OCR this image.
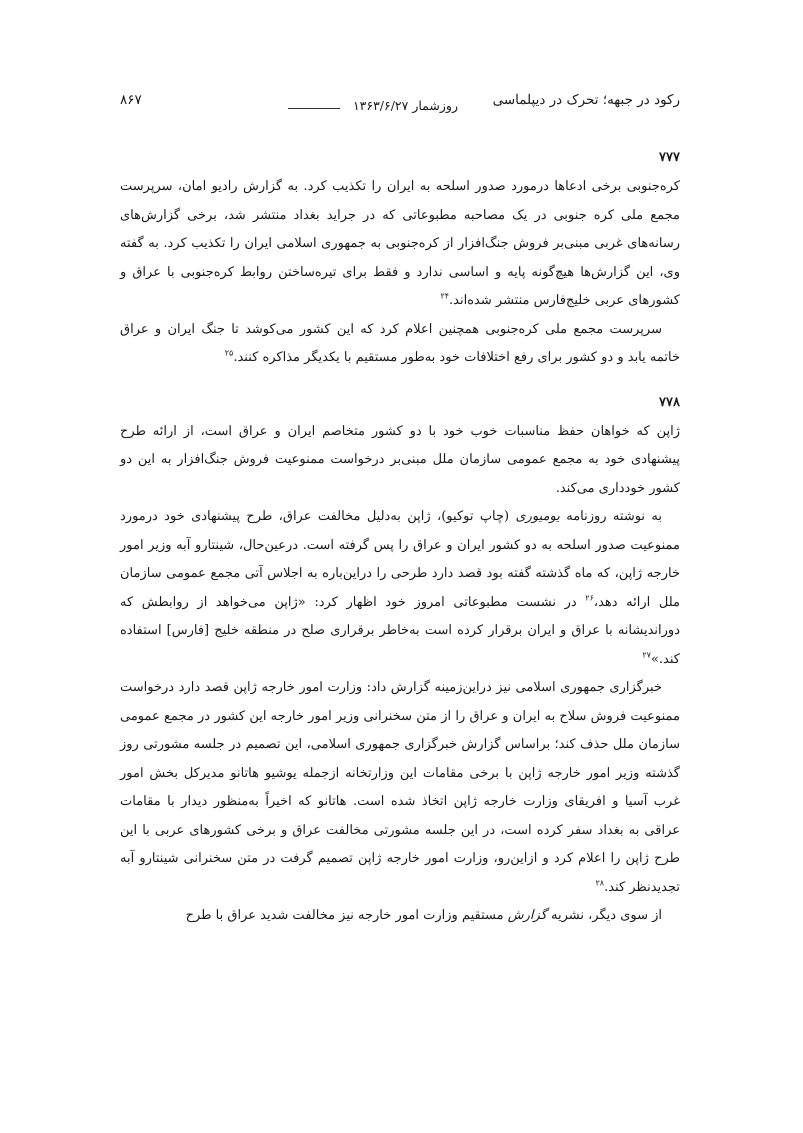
رکود در جبهه؛ تحرک در دیپلماسی
روزشمار ۱۳۶۳/۶/۲۷
۸۶۷

۷۷۷

کره‌جنوبی برخی ادعاها درمورد صدور اسلحه به ایران را تکذیب کرد. به گزارش رادیو امان، سرپرست مجمع ملی کره جنوبی در یک مصاحبه مطبوعاتی که در جراید بغداد منتشر شد، برخی گزارش‌های رسانه‌های غربی مبنی‌بر فروش جنگ‌افزار از کره‌جنوبی به جمهوری اسلامی ایران را تکذیب کرد. به گفته وی، این گزارش‌ها هیچ‌گونه پایه و اساسی ندارد و فقط برای تیره‌ساختن روابط کره‌جنوبی با عراق و کشورهای عربی خلیج‌فارس منتشر شده‌اند.$^{۲۴}$

سرپرست مجمع ملی کره‌جنوبی همچنین اعلام کرد که این کشور می‌کوشد تا جنگ ایران و عراق خاتمه یابد و دو کشور برای رفع اختلافات خود به‌طور مستقیم با یکدیگر مذاکره کنند.$^{۲۵}$

۷۷۸

ژاپن که خواهان حفظ مناسبات خوب خود با دو کشور متخاصم ایران و عراق است، از ارائه طرح پیشنهادی خود به مجمع عمومی سازمان ملل مبنی‌بر درخواست ممنوعیت فروش جنگ‌افزار به این دو کشور خودداری می‌کند.

به نوشته روزنامه یومیوری (چاپ توکیو)، ژاپن به‌دلیل مخالفت عراق، طرح پیشنهادی خود درمورد ممنوعیت صدور اسلحه به دو کشور ایران و عراق را پس گرفته است. درعین‌حال، شینتارو آبه وزیر امور خارجه ژاپن، که ماه گذشته گفته بود قصد دارد طرحی را دراین‌باره به اجلاس آتی مجمع عمومی سازمان ملل ارائه دهد،$^{۲۶}$ در نشست مطبوعاتی امروز خود اظهار کرد: «ژاپن می‌خواهد از روابطش که دوراندیشانه با عراق و ایران برقرار کرده است به‌خاطر برقراری صلح در منطقه خلیج [فارس] استفاده کند.»$^{۲۷}$

خبرگزاری جمهوری اسلامی نیز دراین‌زمینه گزارش داد: وزارت امور خارجه ژاپن قصد دارد درخواست ممنوعیت فروش سلاح به ایران و عراق را از متن سخنرانی وزیر امور خارجه این کشور در مجمع عمومی سازمان ملل حذف کند؛ براساس گزارش خبرگزاری جمهوری اسلامی، این تصمیم در جلسه مشورتی روز گذشته وزیر امور خارجه ژاپن با برخی مقامات این وزارتخانه ازجمله یوشیو هاتانو مدیرکل بخش امور غرب آسیا و افریقای وزارت خارجه ژاپن اتخاذ شده است. هاتانو که اخیراً به‌منظور دیدار با مقامات عراقی به بغداد سفر کرده است، در این جلسه مشورتی مخالفت عراق و برخی کشورهای عربی با این طرح ژاپن را اعلام کرد و ازاین‌رو، وزارت امور خارجه ژاپن تصمیم گرفت در متن سخنرانی شینتارو آبه تجدیدنظر کند.$^{۲۸}$

از سوی دیگر، نشریه گزارش مستقیم وزارت امور خارجه نیز مخالفت شدید عراق با طرح
